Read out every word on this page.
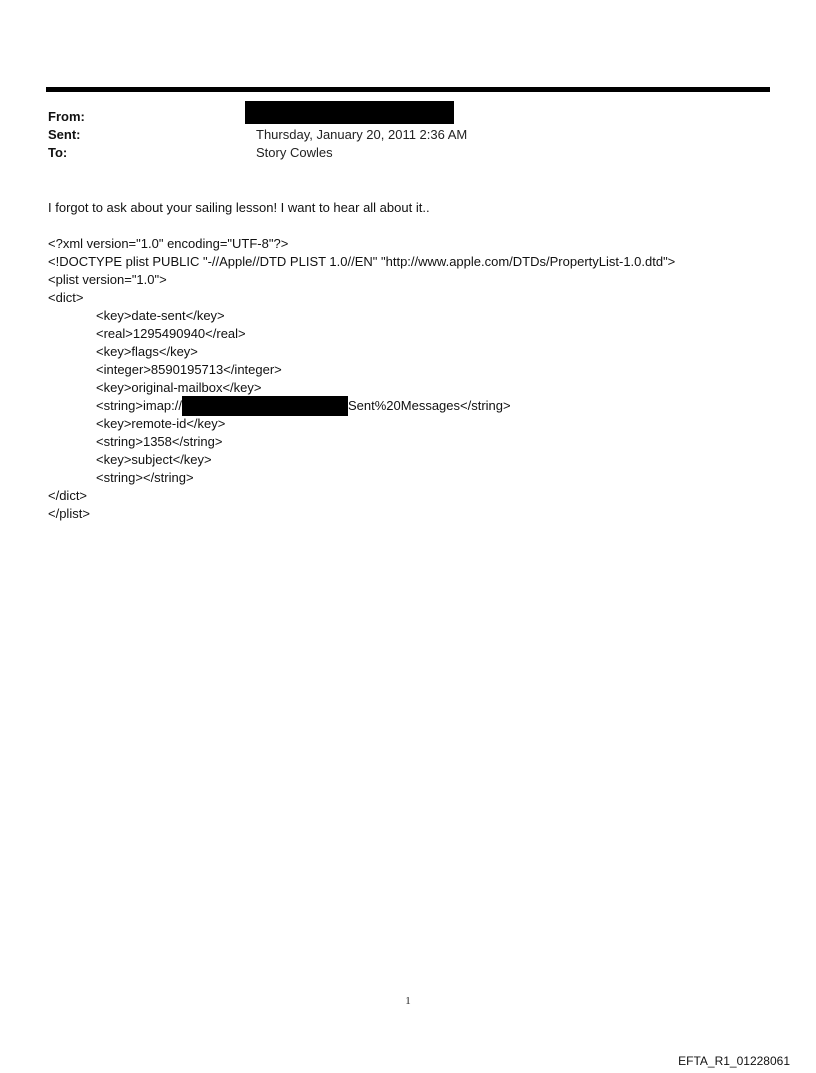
From:
Sent:	Thursday, January 20, 2011 2:36 AM
To:	Story Cowles
I forgot to ask about your sailing lesson! I want to hear all about it..
<?xml version="1.0" encoding="UTF-8"?>
<!DOCTYPE plist PUBLIC "-//Apple//DTD PLIST 1.0//EN" "http://www.apple.com/DTDs/PropertyList-1.0.dtd">
<plist version="1.0">
<dict>
<key>date-sent</key>
<real>1295490940</real>
<key>flags</key>
<integer>8590195713</integer>
<key>original-mailbox</key>
<string>imap://	Sent%20Messages</string>
<key>remote-id</key>
<string>1358</string>
<key>subject</key>
<string></string>
</dict>
</plist>
1
EFTA_R1_01228061
